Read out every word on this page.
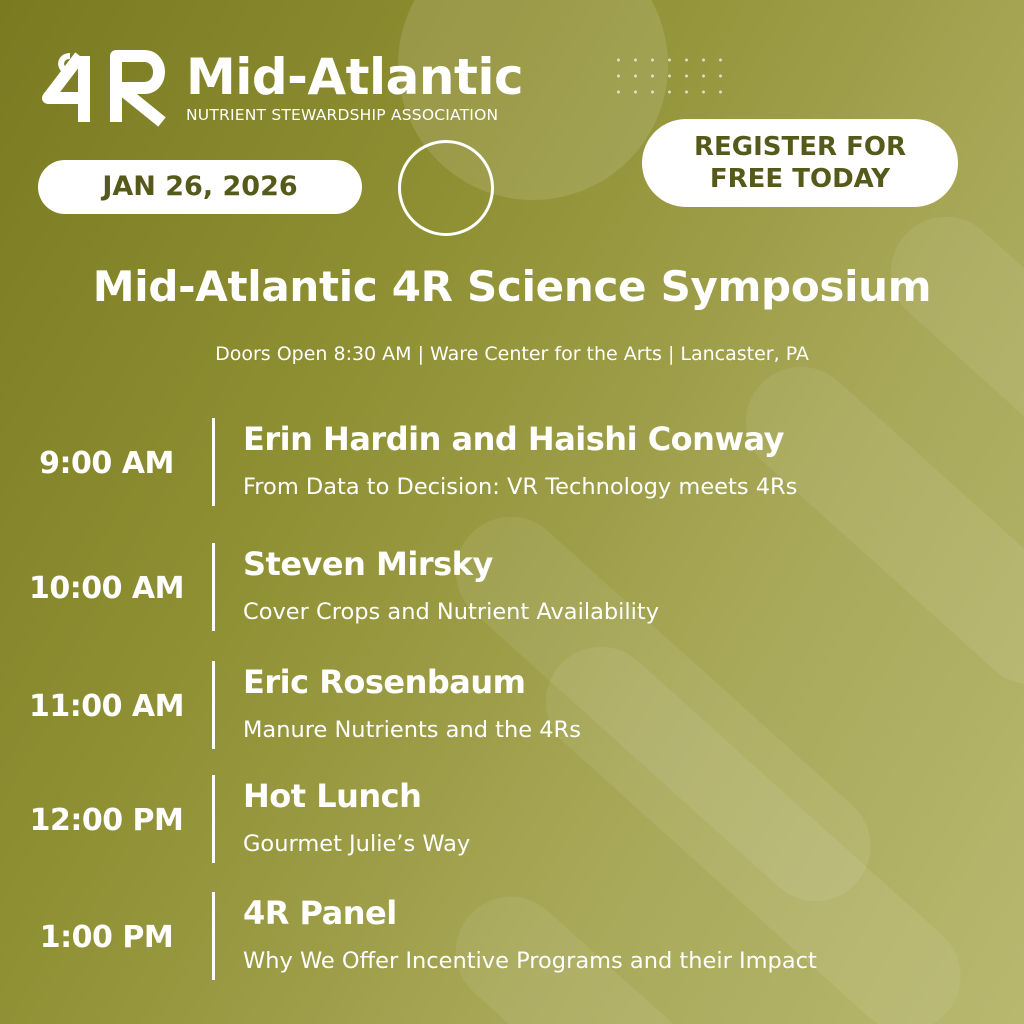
Mid-Atlantic
NUTRIENT STEWARDSHIP ASSOCIATION
JAN 26, 2026
REGISTER FOR
FREE TODAY
Mid-Atlantic 4R Science Symposium
Doors Open 8:30 AM | Ware Center for the Arts | Lancaster, PA
9:00 AM
Erin Hardin and Haishi Conway
From Data to Decision: VR Technology meets 4Rs
10:00 AM
Steven Mirsky
Cover Crops and Nutrient Availability
11:00 AM
Eric Rosenbaum
Manure Nutrients and the 4Rs
12:00 PM
Hot Lunch
Gourmet Julie’s Way
1:00 PM
4R Panel
Why We Offer Incentive Programs and their Impact
